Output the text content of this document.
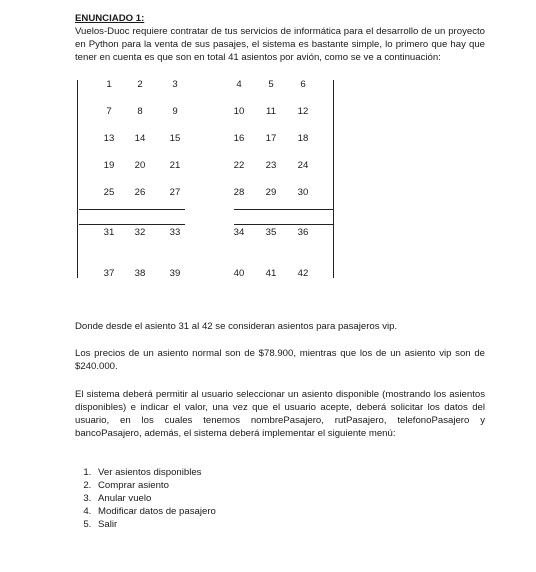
ENUNCIADO 1:

Vuelos-Duoc requiere contratar de tus servicios de informática para el desarrollo de un proyecto en Python para la venta de sus pasajes, el sistema es bastante simple, lo primero que hay que tener en cuenta es que son en total 41 asientos por avión, como se ve a continuación:

1	2	3	4	5	6
7	8	9	10	11	12
13	14	15	16	17	18
19	20	21	22	23	24
25	26	27	28	29	30
31	32	33	34	35	36
37	38	39	40	41	42

Donde desde el asiento 31 al 42 se consideran asientos para pasajeros vip.

Los precios de un asiento normal son de $78.900, mientras que los de un asiento vip son de $240.000.

El sistema deberá permitir al usuario seleccionar un asiento disponible (mostrando los asientos disponibles) e indicar el valor, una vez que el usuario acepte, deberá solicitar los datos del usuario, en los cuales tenemos nombrePasajero, rutPasajero, telefonoPasajero y bancoPasajero, además, el sistema deberá implementar el siguiente menú:

1. Ver asientos disponibles
2. Comprar asiento
3. Anular vuelo
4. Modificar datos de pasajero
5. Salir
